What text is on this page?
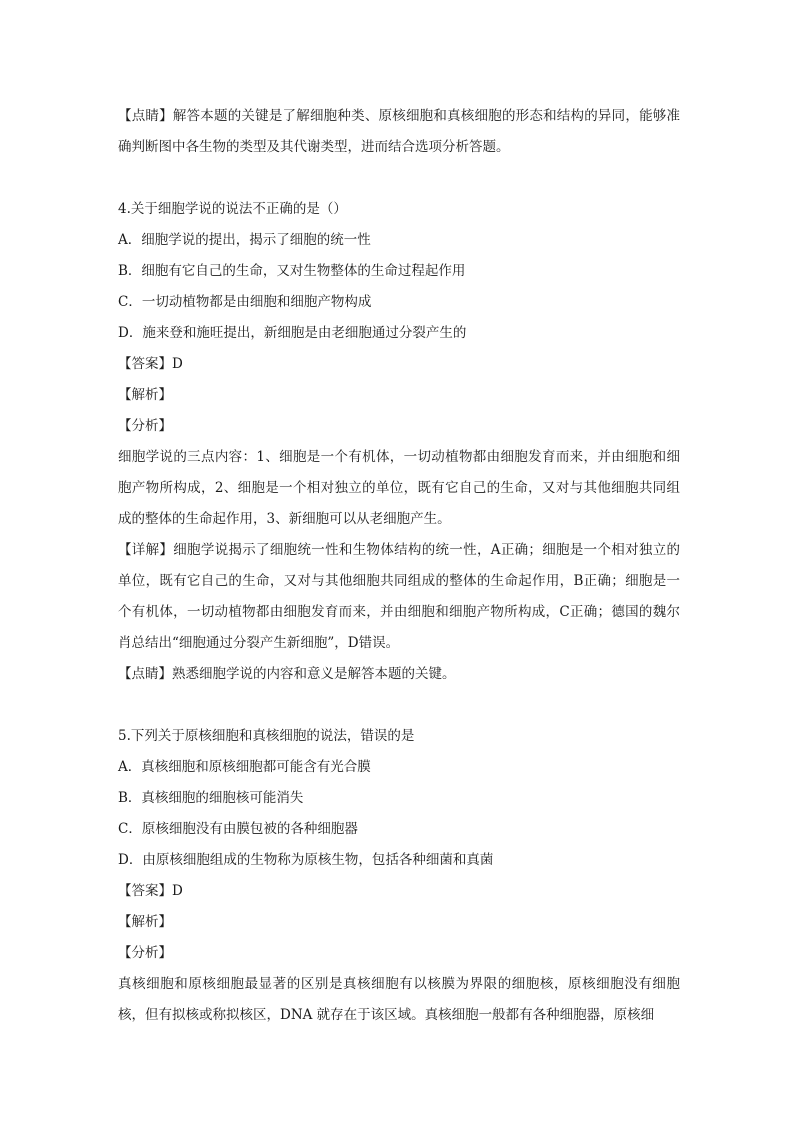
【点睛】解答本题的关键是了解细胞种类、原核细胞和真核细胞的形态和结构的异同，能够准确判断图中各生物的类型及其代谢类型，进而结合选项分析答题。

4.关于细胞学说的说法不正确的是（）

A．细胞学说的提出，揭示了细胞的统一性

B．细胞有它自己的生命，又对生物整体的生命过程起作用

C．一切动植物都是由细胞和细胞产物构成

D．施来登和施旺提出，新细胞是由老细胞通过分裂产生的

【答案】D

【解析】

【分析】

细胞学说的三点内容：1、细胞是一个有机体，一切动植物都由细胞发育而来，并由细胞和细胞产物所构成，2、细胞是一个相对独立的单位，既有它自己的生命，又对与其他细胞共同组成的整体的生命起作用，3、新细胞可以从老细胞产生。

【详解】细胞学说揭示了细胞统一性和生物体结构的统一性，A正确；细胞是一个相对独立的单位，既有它自己的生命，又对与其他细胞共同组成的整体的生命起作用，B正确；细胞是一个有机体，一切动植物都由细胞发育而来，并由细胞和细胞产物所构成，C正确；德国的魏尔肖总结出“细胞通过分裂产生新细胞”，D错误。

【点睛】熟悉细胞学说的内容和意义是解答本题的关键。

5.下列关于原核细胞和真核细胞的说法，错误的是

A．真核细胞和原核细胞都可能含有光合膜

B．真核细胞的细胞核可能消失

C．原核细胞没有由膜包被的各种细胞器

D．由原核细胞组成的生物称为原核生物，包括各种细菌和真菌

【答案】D

【解析】

【分析】

真核细胞和原核细胞最显著的区别是真核细胞有以核膜为界限的细胞核，原核细胞没有细胞核，但有拟核或称拟核区，DNA 就存在于该区域。真核细胞一般都有各种细胞器，原核细
